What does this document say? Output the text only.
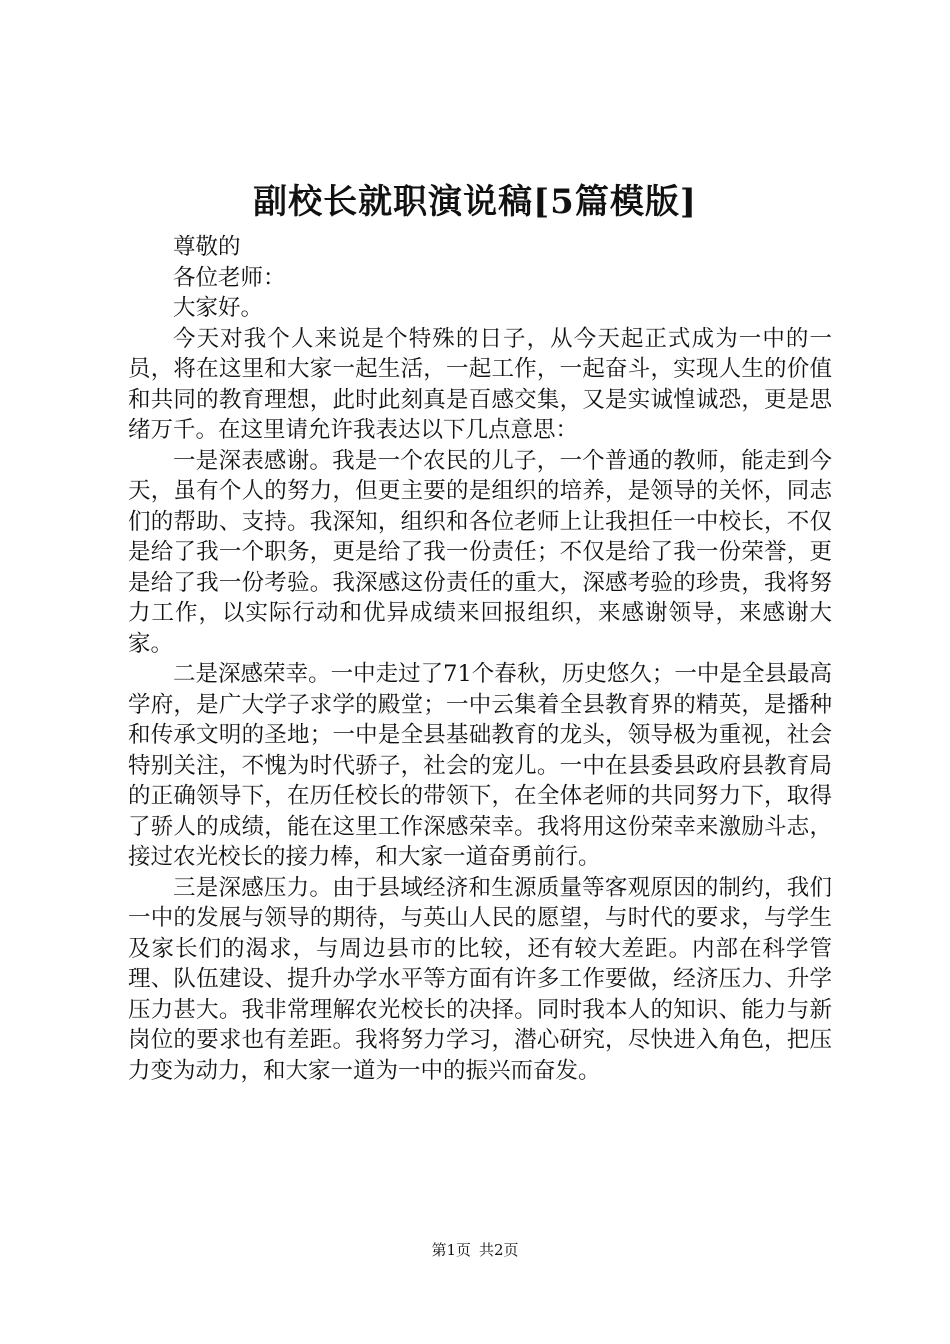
副校长就职演说稿[5篇模版]

尊敬的

各位老师：

大家好。

今天对我个人来说是个特殊的日子，从今天起正式成为一中的一员，将在这里和大家一起生活，一起工作，一起奋斗，实现人生的价值和共同的教育理想，此时此刻真是百感交集，又是实诚惶诚恐，更是思绪万千。在这里请允许我表达以下几点意思：

一是深表感谢。我是一个农民的儿子，一个普通的教师，能走到今天，虽有个人的努力，但更主要的是组织的培养，是领导的关怀，同志们的帮助、支持。我深知，组织和各位老师上让我担任一中校长，不仅是给了我一个职务，更是给了我一份责任；不仅是给了我一份荣誉，更是给了我一份考验。我深感这份责任的重大，深感考验的珍贵，我将努力工作，以实际行动和优异成绩来回报组织，来感谢领导，来感谢大家。

二是深感荣幸。一中走过了71个春秋，历史悠久；一中是全县最高学府，是广大学子求学的殿堂；一中云集着全县教育界的精英，是播种和传承文明的圣地；一中是全县基础教育的龙头，领导极为重视，社会特别关注，不愧为时代骄子，社会的宠儿。一中在县委县政府县教育局的正确领导下，在历任校长的带领下，在全体老师的共同努力下，取得了骄人的成绩，能在这里工作深感荣幸。我将用这份荣幸来激励斗志，接过农光校长的接力棒，和大家一道奋勇前行。

三是深感压力。由于县域经济和生源质量等客观原因的制约，我们一中的发展与领导的期待，与英山人民的愿望，与时代的要求，与学生及家长们的渴求，与周边县市的比较，还有较大差距。内部在科学管理、队伍建设、提升办学水平等方面有许多工作要做，经济压力、升学压力甚大。我非常理解农光校长的决择。同时我本人的知识、能力与新岗位的要求也有差距。我将努力学习，潜心研究，尽快进入角色，把压力变为动力，和大家一道为一中的振兴而奋发。

第1页 共2页
